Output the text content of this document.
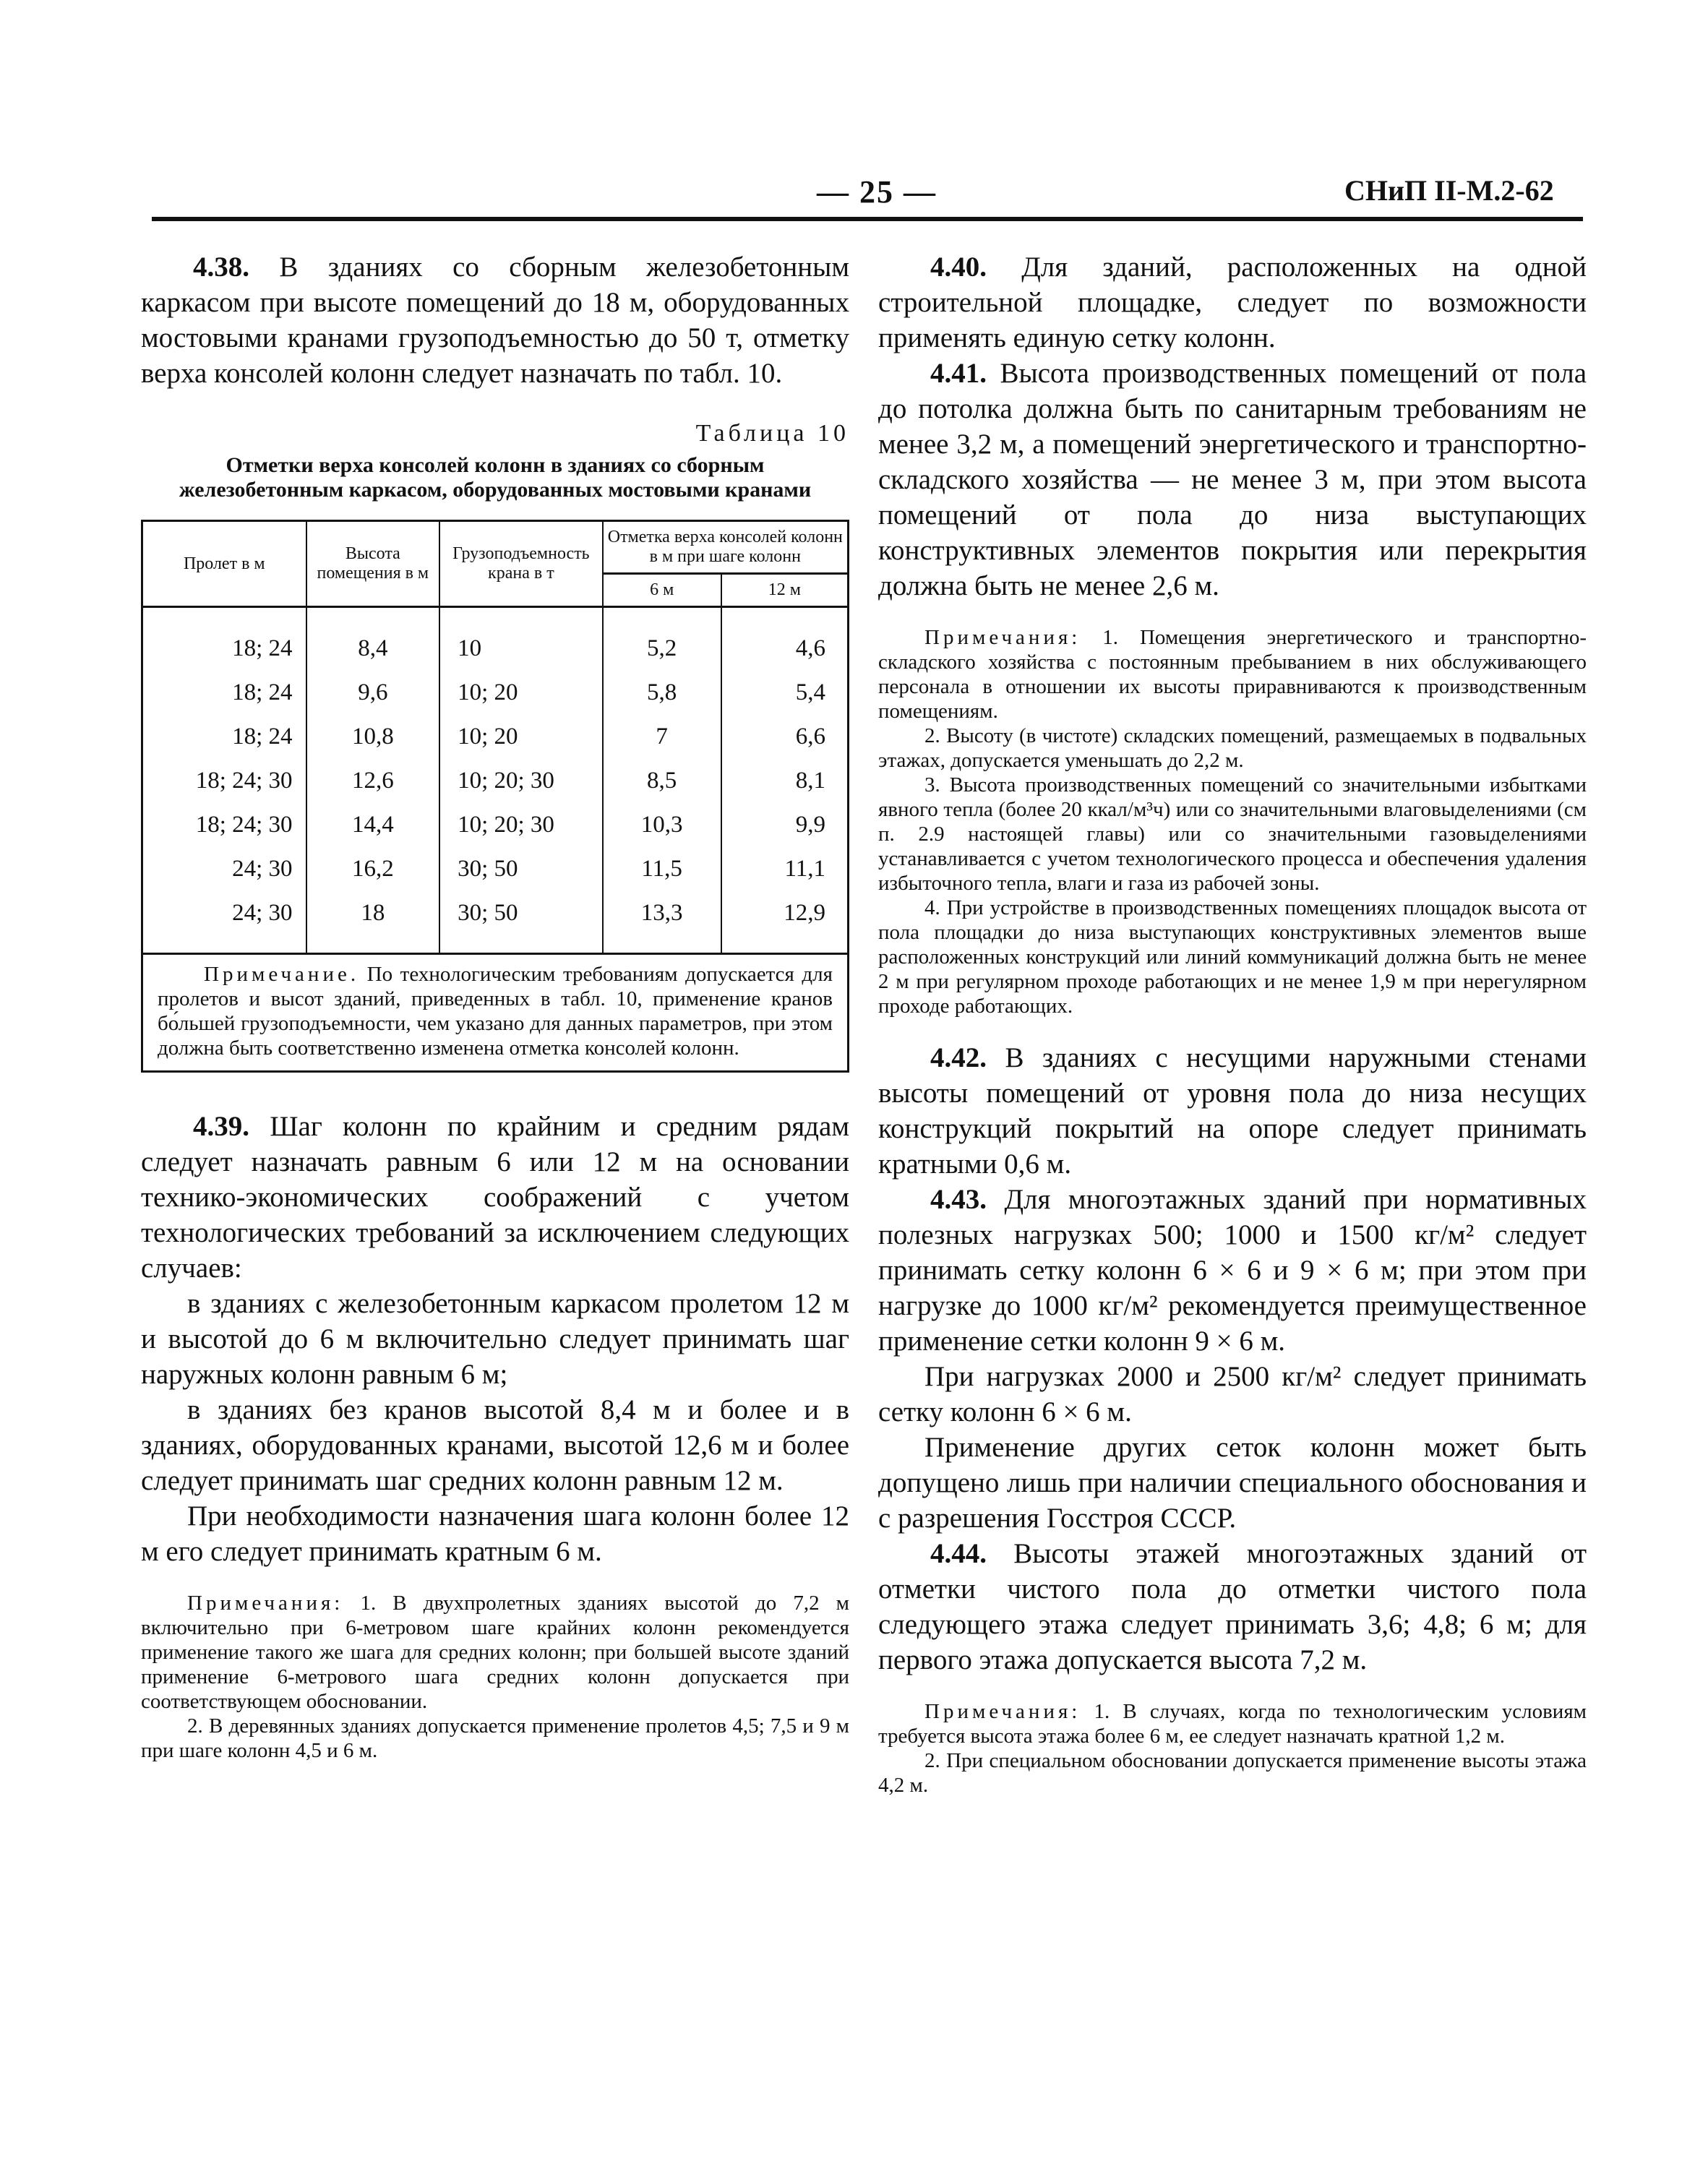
— 25 —	СНиП II-М.2-62

4.38. В зданиях со сборным железобетонным каркасом при высоте помещений до 18 м, оборудованных мостовыми кранами грузоподъемностью до 50 т, отметку верха консолей колонн следует назначать по табл. 10.

Таблица 10
Отметки верха консолей колонн в зданиях со сборным железобетонным каркасом, оборудованных мостовыми кранами
Пролет в м	Высота помещения в м	Грузоподъемность крана в т	Отметка верха консолей колонн в м при шаге колонн	
			6 м	12 м
18; 24	8,4	10	5,2	4,6
18; 24	9,6	10; 20	5,8	5,4
18; 24	10,8	10; 20	7	6,6
18; 24; 30	12,6	10; 20; 30	8,5	8,1
18; 24; 30	14,4	10; 20; 30	10,3	9,9
24; 30	16,2	30; 50	11,5	11,1
24; 30	18	30; 50	13,3	12,9

Примечание. По технологическим требованиям допускается для пролетов и высот зданий, приведенных в табл. 10, применение кранов бо́льшей грузоподъемности, чем указано для данных параметров, при этом должна быть соответственно изменена отметка консолей колонн.

4.39. Шаг колонн по крайним и средним рядам следует назначать равным 6 или 12 м на основании технико-экономических соображений с учетом технологических требований за исключением следующих случаев:

в зданиях с железобетонным каркасом пролетом 12 м и высотой до 6 м включительно следует принимать шаг наружных колонн равным 6 м;

в зданиях без кранов высотой 8,4 м и более и в зданиях, оборудованных кранами, высотой 12,6 м и более следует принимать шаг средних колонн равным 12 м.

При необходимости назначения шага колонн более 12 м его следует принимать кратным 6 м.

Примечания: 1. В двухпролетных зданиях высотой до 7,2 м включительно при 6-метровом шаге крайних колонн рекомендуется применение такого же шага для средних колонн; при большей высоте зданий применение 6-метрового шага средних колонн допускается при соответствующем обосновании.

2. В деревянных зданиях допускается применение пролетов 4,5; 7,5 и 9 м при шаге колонн 4,5 и 6 м.

4.40. Для зданий, расположенных на одной строительной площадке, следует по возможности применять единую сетку колонн.

4.41. Высота производственных помещений от пола до потолка должна быть по санитарным требованиям не менее 3,2 м, а помещений энергетического и транспортно-складского хозяйства — не менее 3 м, при этом высота помещений от пола до низа выступающих конструктивных элементов покрытия или перекрытия должна быть не менее 2,6 м.

Примечания: 1. Помещения энергетического и транспортно-складского хозяйства с постоянным пребыванием в них обслуживающего персонала в отношении их высоты приравниваются к производственным помещениям.

2. Высоту (в чистоте) складских помещений, размещаемых в подвальных этажах, допускается уменьшать до 2,2 м.

3. Высота производственных помещений со значительными избытками явного тепла (более 20 ккал/м³ч) или со значительными влаговыделениями (см п. 2.9 настоящей главы) или со значительными газовыделениями устанавливается с учетом технологического процесса и обеспечения удаления избыточного тепла, влаги и газа из рабочей зоны.

4. При устройстве в производственных помещениях площадок высота от пола площадки до низа выступающих конструктивных элементов выше расположенных конструкций или линий коммуникаций должна быть не менее 2 м при регулярном проходе работающих и не менее 1,9 м при нерегулярном проходе работающих.

4.42. В зданиях с несущими наружными стенами высоты помещений от уровня пола до низа несущих конструкций покрытий на опоре следует принимать кратными 0,6 м.

4.43. Для многоэтажных зданий при нормативных полезных нагрузках 500; 1000 и 1500 кг/м² следует принимать сетку колонн 6 × 6 и 9 × 6 м; при этом при нагрузке до 1000 кг/м² рекомендуется преимущественное применение сетки колонн 9 × 6 м.

При нагрузках 2000 и 2500 кг/м² следует принимать сетку колонн 6 × 6 м.

Применение других сеток колонн может быть допущено лишь при наличии специального обоснования и с разрешения Госстроя СССР.

4.44. Высоты этажей многоэтажных зданий от отметки чистого пола до отметки чистого пола следующего этажа следует принимать 3,6; 4,8; 6 м; для первого этажа допускается высота 7,2 м.

Примечания: 1. В случаях, когда по технологическим условиям требуется высота этажа более 6 м, ее следует назначать кратной 1,2 м.

2. При специальном обосновании допускается применение высоты этажа 4,2 м.
